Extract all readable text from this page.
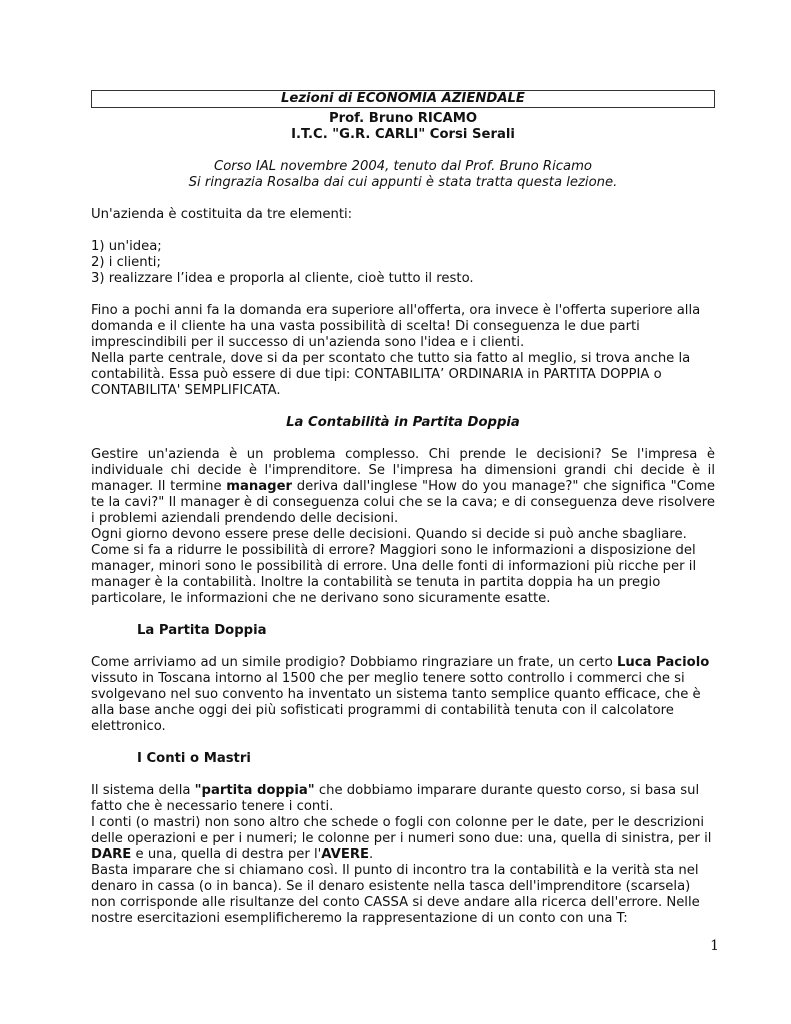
Lezioni di ECONOMIA AZIENDALE

Prof. Bruno RICAMO

I.T.C. "G.R. CARLI" Corsi Serali

Corso IAL novembre 2004, tenuto dal Prof. Bruno Ricamo

Si ringrazia Rosalba dai cui appunti è stata tratta questa lezione.

Un'azienda è costituita da tre elementi:

1) un'idea;

2) i clienti;

3) realizzare l’idea e proporla al cliente, cioè tutto il resto.

Fino a pochi anni fa la domanda era superiore all'offerta, ora invece è l'offerta superiore alla domanda e il cliente ha una vasta possibilità di scelta! Di conseguenza le due parti imprescindibili per il successo di un'azienda sono l'idea e i clienti.

Nella parte centrale, dove si da per scontato che tutto sia fatto al meglio, si trova anche la contabilità. Essa può essere di due tipi: CONTABILITA’ ORDINARIA in PARTITA DOPPIA o CONTABILITA' SEMPLIFICATA.

La Contabilità in Partita Doppia

Gestire un'azienda è un problema complesso. Chi prende le decisioni? Se l'impresa è individuale chi decide è l'imprenditore. Se l'impresa ha dimensioni grandi chi decide è il manager. Il termine manager deriva dall'inglese "How do you manage?" che significa "Come te la cavi?" Il manager è di conseguenza colui che se la cava; e di conseguenza deve risolvere i problemi aziendali prendendo delle decisioni.

Ogni giorno devono essere prese delle decisioni. Quando si decide si può anche sbagliare.

Come si fa a ridurre le possibilità di errore? Maggiori sono le informazioni a disposizione del manager, minori sono le possibilità di errore. Una delle fonti di informazioni più ricche per il manager è la contabilità. Inoltre la contabilità se tenuta in partita doppia ha un pregio particolare, le informazioni che ne derivano sono sicuramente esatte.

La Partita Doppia

Come arriviamo ad un simile prodigio? Dobbiamo ringraziare un frate, un certo Luca Paciolo vissuto in Toscana intorno al 1500 che per meglio tenere sotto controllo i commerci che si svolgevano nel suo convento ha inventato un sistema tanto semplice quanto efficace, che è alla base anche oggi dei più sofisticati programmi di contabilità tenuta con il calcolatore elettronico.

I Conti o Mastri

Il sistema della "partita doppia" che dobbiamo imparare durante questo corso, si basa sul fatto che è necessario tenere i conti.

I conti (o mastri) non sono altro che schede o fogli con colonne per le date, per le descrizioni delle operazioni e per i numeri; le colonne per i numeri sono due: una, quella di sinistra, per il DARE e una, quella di destra per l'AVERE.

Basta imparare che si chiamano così. Il punto di incontro tra la contabilità e la verità sta nel denaro in cassa (o in banca). Se il denaro esistente nella tasca dell'imprenditore (scarsela) non corrisponde alle risultanze del conto CASSA si deve andare alla ricerca dell'errore. Nelle nostre esercitazioni esemplificheremo la rappresentazione di un conto con una T:

1
